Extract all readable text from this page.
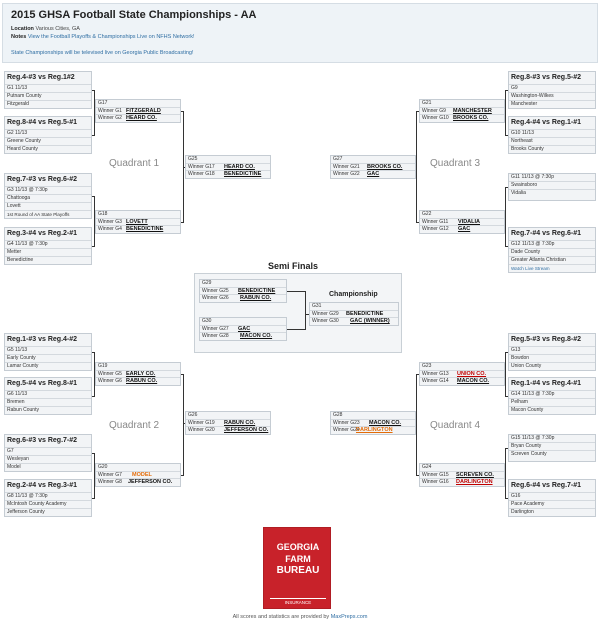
2015 GHSA Football State Championships - AA
Location Various Cities, GA
Notes View the Football Playoffs & Championships Live on NFHS Network!
State Championships will be televised live on Georgia Public Broadcasting!
Quadrant 1	Quadrant 3
Quadrant 2	Quadrant 4
Reg.4-#3 vs Reg.1#2
G1 11/13
Putnam County
Fitzgerald
Reg.8-#4 vs Reg.5-#1
G2 11/13
Greene County
Heard County
Reg.7-#3 vs Reg.6-#2
G3 11/13 @ 7:30p
Chattooga
Lovett
1st Round of AA State Playoffs
Reg.3-#4 vs Reg.2-#1
G4 11/13 @ 7:30p
Metter
Benedictine
Reg.1-#3 vs Reg.4-#2
G5 11/13
Early County
Lamar County
Reg.5-#4 vs Reg.8-#1
G6 11/13
Bremen
Rabun County
Reg.6-#3 vs Reg.7-#2
G7
Wesleyan
Model
Reg.2-#4 vs Reg.3-#1
G8 11/13 @ 7:30p
McIntosh County Academy
Jefferson County
Reg.8-#3 vs Reg.5-#2
G9
Washington-Wilkes
Manchester
Reg.4-#4 vs Reg.1-#1
G10 11/13
Northeast
Brooks County
G11 11/13 @ 7:30p
Swainsboro
Vidalia
Reg.7-#4 vs Reg.6-#1
G12 11/13 @ 7:30p
Dade County
Greater Atlanta Christian
Watch Live Stream
Reg.5-#3 vs Reg.8-#2
G13
Bowdon
Union County
Reg.1-#4 vs Reg.4-#1
G14 11/13 @ 7:30p
Pelham
Macon County
G15 11/13 @ 7:30p
Bryan County
Screven County
Reg.6-#4 vs Reg.7-#1
G16
Pace Academy
Darlington
G17
Winner G1 FITZGERALD
Winner G2 HEARD CO.
G18
Winner G3 LOVETT
Winner G4 BENEDICTINE
G19
Winner G5 EARLY CO.
Winner G6 RABUN CO.
G20
Winner G7 MODEL
Winner G8 JEFFERSON CO.
G21
Winner G9 MANCHESTER
Winner G10 BROOKS CO.
G22
Winner G11 VIDALIA
Winner G12 GAC
G23
Winner G13 UNION CO.
Winner G14 MACON CO.
G24
Winner G15 SCREVEN CO.
Winner G16 DARLINGTON
G25
Winner G17 HEARD CO.
Winner G18 BENEDICTINE
G26
Winner G19 RABUN CO.
Winner G20 JEFFERSON CO.
G27
Winner G21 BROOKS CO.
Winner G22 GAC
G28
Winner G23 MACON CO.
Winner G24
DARLINGTON
Semi Finals
G29
Winner G25 BENEDICTINE
Winner G26 RABUN CO.
G30
Winner G27 GAC
Winner G28 MACON CO.
Championship
G31
Winner G29 BENEDICTINE
Winner G30 GAC (WINNER)
GEORGIA
FARM
BUREAU
INSURANCE
All scores and statistics are provided by MaxPreps.com
